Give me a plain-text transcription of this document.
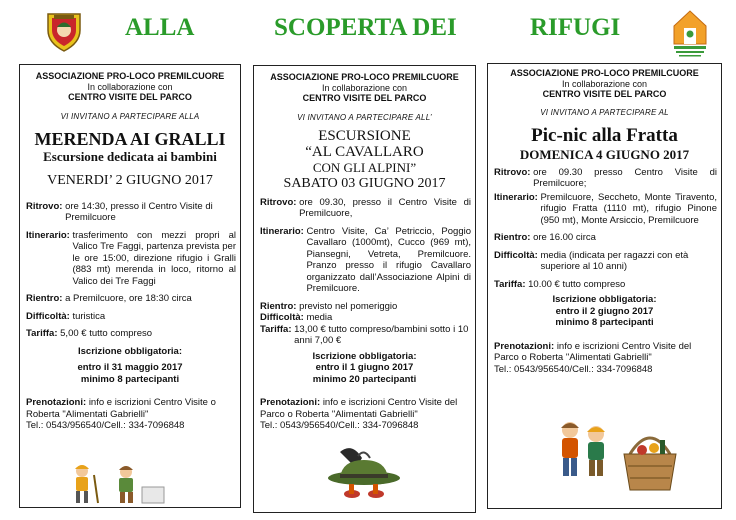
ALLA	SCOPERTA DEI	RIFUGI
ASSOCIAZIONE PRO-LOCO PREMILCUORE
In collaborazione con
CENTRO VISITE DEL PARCO
VI INVITANO A PARTECIPARE ALLA
MERENDA AI GRALLI
Escursione dedicata ai bambini
VENERDI’ 2 GIUGNO 2017
Ritrovo:
ore 14:30, presso il Centro Visite di Premilcuore
Itinerario:
trasferimento con mezzi propri al Valico Tre Faggi, partenza prevista per le ore 15:00, direzione rifugio i Gralli (883 mt) merenda in loco, ritorno al Valico dei Tre Faggi
Rientro:
a Premilcuore, ore 18:30 circa
Difficoltà:
turistica
Tariffa:
5,00 € tutto compreso
Iscrizione obbligatoria:
entro il 31 maggio 2017
minimo 8 partecipanti
Prenotazioni: info e iscrizioni Centro Visite o Roberta "Alimentati Gabrielli"
Tel.: 0543/956540/Cell.: 334-7096848
ASSOCIAZIONE PRO-LOCO PREMILCUORE
In collaborazione con
CENTRO VISITE DEL PARCO
VI INVITANO A PARTECIPARE ALL’
ESCURSIONE
“AL CAVALLARO
CON GLI ALPINI”
SABATO 03 GIUGNO 2017
Ritrovo:
ore 09.30, presso il Centro Visite di Premilcuore,
Itinerario:
Centro Visite, Ca’ Petriccio, Poggio Cavallaro (1000mt), Cucco (969 mt), Piansegni, Vetreta, Premilcuore. Pranzo presso il rifugio Cavallaro organizzato dall’Associazione Alpini di Premilcuore.
Rientro:
previsto nel pomeriggio
Difficoltà:
media
Tariffa:
13,00 € tutto compreso/bambini sotto i 10 anni 7,00 €
Iscrizione obbligatoria:
entro il 1 giugno 2017
minimo 20 partecipanti
Prenotazioni: info e iscrizioni Centro Visite del Parco o Roberta "Alimentati Gabrielli"
Tel.: 0543/956540/Cell.: 334-7096848
ASSOCIAZIONE PRO-LOCO PREMILCUORE
In collaborazione con
CENTRO VISITE DEL PARCO
VI INVITANO A PARTECIPARE AL
Pic-nic alla Fratta
DOMENICA 4 GIUGNO 2017
Ritrovo:
ore 09.30 presso Centro Visite di Premilcuore;
Itinerario:
Premilcuore, Seccheto, Monte Tiravento, rifugio Fratta (1110 mt), rifugio Pinone (950 mt), Monte Arsiccio, Premilcuore
Rientro:
ore 16.00 circa
Difficoltà:
media (indicata per ragazzi con età superiore al 10 anni)
Tariffa:
10.00 € tutto compreso
Iscrizione obbligatoria:
entro il 2 giugno 2017
minimo 8 partecipanti
Prenotazioni: info e iscrizioni Centro Visite del Parco o Roberta "Alimentati Gabrielli"
Tel.: 0543/956540/Cell.: 334-7096848
